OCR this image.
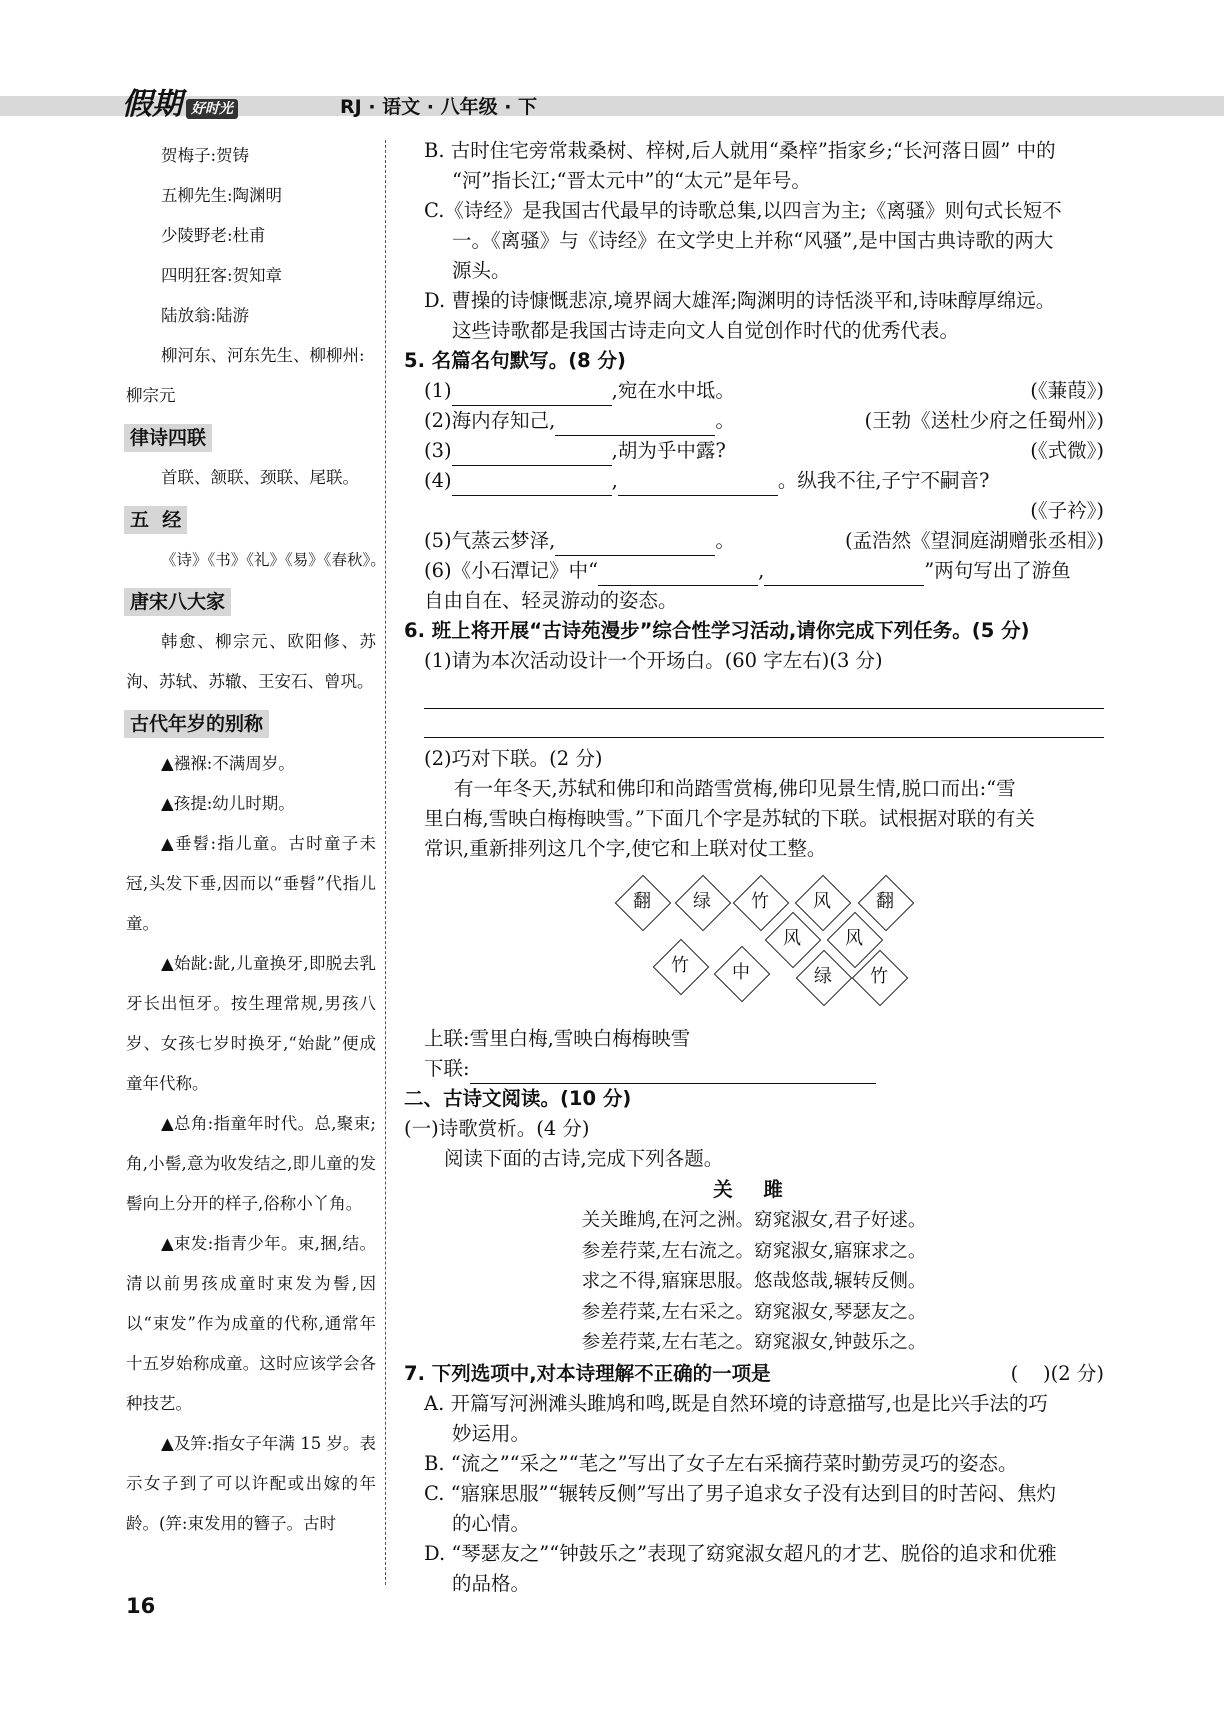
假期 好时光	RJ · 语文 · 八年级 · 下
贺梅子:贺铸
五柳先生:陶渊明
少陵野老:杜甫
四明狂客:贺知章
陆放翁:陆游
柳河东、河东先生、柳柳州:
柳宗元
律诗四联
首联、颔联、颈联、尾联。
五  经
《诗》《书》《礼》《易》《春秋》。
唐宋八大家
韩愈、柳宗元、欧阳修、苏洵、苏轼、苏辙、王安石、曾巩。
古代年岁的别称
▲襁褓:不满周岁。
▲孩提:幼儿时期。
▲垂髫:指儿童。古时童子未冠,头发下垂,因而以“垂髫”代指儿童。
▲始龀:龀,儿童换牙,即脱去乳牙长出恒牙。按生理常规,男孩八岁、女孩七岁时换牙,“始龀”便成童年代称。
▲总角:指童年时代。总,聚束;角,小髻,意为收发结之,即儿童的发髻向上分开的样子,俗称小丫角。
▲束发:指青少年。束,捆,结。清以前男孩成童时束发为髻,因以“束发”作为成童的代称,通常年十五岁始称成童。这时应该学会各种技艺。
▲及笄:指女子年满 15 岁。表示女子到了可以许配或出嫁的年龄。(笄:束发用的簪子。古时
B. 古时住宅旁常栽桑树、梓树,后人就用“桑梓”指家乡;“长河落日圆” 中的
“河”指长江;“晋太元中”的“太元”是年号。
C.《诗经》是我国古代最早的诗歌总集,以四言为主;《离骚》则句式长短不
一。《离骚》与《诗经》在文学史上并称“风骚”,是中国古典诗歌的两大
源头。
D. 曹操的诗慷慨悲凉,境界阔大雄浑;陶渊明的诗恬淡平和,诗味醇厚绵远。
这些诗歌都是我国古诗走向文人自觉创作时代的优秀代表。
5. 名篇名句默写。(8 分)
(1)	,宛在水中坻。	(《蒹葭》)
(2)海内存知己,	。	(王勃《送杜少府之任蜀州》)
(3)	,胡为乎中露?	(《式微》)
(4)	,	。纵我不往,子宁不嗣音?
(《子衿》)
(5)气蒸云梦泽,	。	(孟浩然《望洞庭湖赠张丞相》)
(6)《小石潭记》中“	,	”两句写出了游鱼
自由自在、轻灵游动的姿态。
6. 班上将开展“古诗苑漫步”综合性学习活动,请你完成下列任务。(5 分)
(1)请为本次活动设计一个开场白。(60 字左右)(3 分)
(2)巧对下联。(2 分)
有一年冬天,苏轼和佛印和尚踏雪赏梅,佛印见景生情,脱口而出:“雪
里白梅,雪映白梅梅映雪。”下面几个字是苏轼的下联。试根据对联的有关
常识,重新排列这几个字,使它和上联对仗工整。
翻	绿	竹	风	翻
风	风
竹	中	绿	竹
上联:雪里白梅,雪映白梅梅映雪
下联:
二、古诗文阅读。(10 分)
(一)诗歌赏析。(4 分)
阅读下面的古诗,完成下列各题。
关 雎
关关雎鸠,在河之洲。窈窕淑女,君子好逑。
参差荇菜,左右流之。窈窕淑女,寤寐求之。
求之不得,寤寐思服。悠哉悠哉,辗转反侧。
参差荇菜,左右采之。窈窕淑女,琴瑟友之。
参差荇菜,左右芼之。窈窕淑女,钟鼓乐之。
7. 下列选项中,对本诗理解不正确的一项是	(    )(2 分)
A. 开篇写河洲滩头雎鸠和鸣,既是自然环境的诗意描写,也是比兴手法的巧
妙运用。
B. “流之”“采之”“芼之”写出了女子左右采摘荇菜时勤劳灵巧的姿态。
C. “寤寐思服”“辗转反侧”写出了男子追求女子没有达到目的时苦闷、焦灼
的心情。
D. “琴瑟友之”“钟鼓乐之”表现了窈窕淑女超凡的才艺、脱俗的追求和优雅
的品格。
16
